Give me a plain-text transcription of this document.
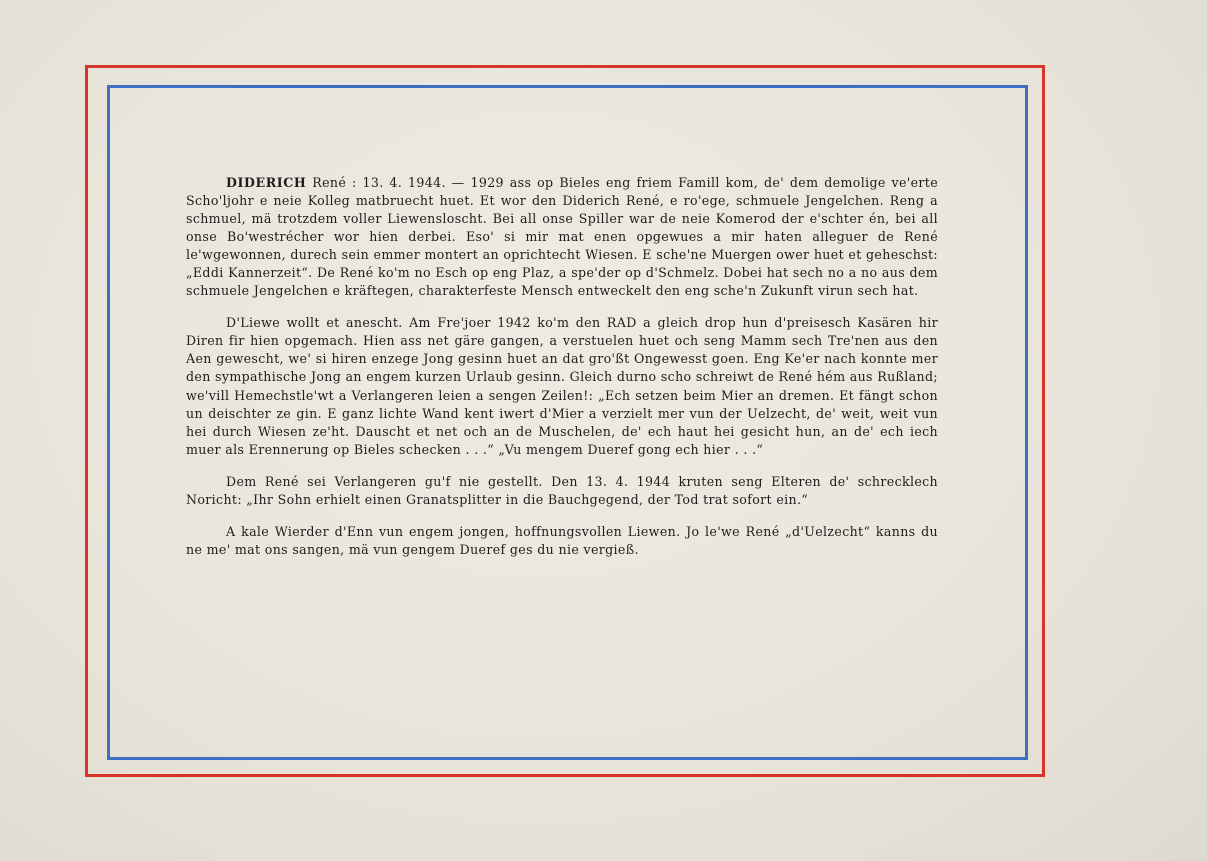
DIDERICH René : 13. 4. 1944. — 1929 ass op Bieles eng friem Famill kom, de' dem demolige ve'erte Scho'ljohr e neie Kolleg matbruecht huet. Et wor den Diderich René, e ro'ege, schmuele Jengelchen. Reng a schmuel, mä trotzdem voller Liewensloscht. Bei all onse Spiller war de neie Komerod der e'schter én, bei all onse Bo'westrécher wor hien derbei. Eso' si mir mat enen opgewues a mir haten alleguer de René le'wgewonnen, durech sein emmer montert an oprichtecht Wiesen. E sche'ne Muergen ower huet et geheschst: „Eddi Kannerzeit“. De René ko'm no Esch op eng Plaz, a spe'der op d'Schmelz. Dobei hat sech no a no aus dem schmuele Jengelchen e kräftegen, charakterfeste Mensch entweckelt den eng sche'n Zukunft virun sech hat.

D'Liewe wollt et anescht. Am Fre'joer 1942 ko'm den RAD a gleich drop hun d'preisesch Kasären hir Diren fir hien opgemach. Hien ass net gäre gangen, a verstuelen huet och seng Mamm sech Tre'nen aus den Aen gewescht, we' si hiren enzege Jong gesinn huet an dat gro'ßt Ongewesst goen. Eng Ke'er nach konnte mer den sympathische Jong an engem kurzen Urlaub gesinn. Gleich durno scho schreiwt de René hém aus Rußland; we'vill Hemechstle'wt a Verlangeren leien a sengen Zeilen!: „Ech setzen beim Mier an dremen. Et fängt schon un deischter ze gin. E ganz lichte Wand kent iwert d'Mier a verzielt mer vun der Uelzecht, de' weit, weit vun hei durch Wiesen ze'ht. Dauscht et net och an de Muschelen, de' ech haut hei gesicht hun, an de' ech iech muer als Erennerung op Bieles schecken . . .“ „Vu mengem Dueref gong ech hier . . .“

Dem René sei Verlangeren gu'f nie gestellt. Den 13. 4. 1944 kruten seng Elteren de' schrecklech Noricht: „Ihr Sohn erhielt einen Granatsplitter in die Bauchgegend, der Tod trat sofort ein.“

A kale Wierder d'Enn vun engem jongen, hoffnungsvollen Liewen. Jo le'we René „d'Uelzecht“ kanns du ne me' mat ons sangen, mä vun gengem Dueref ges du nie vergieß.
